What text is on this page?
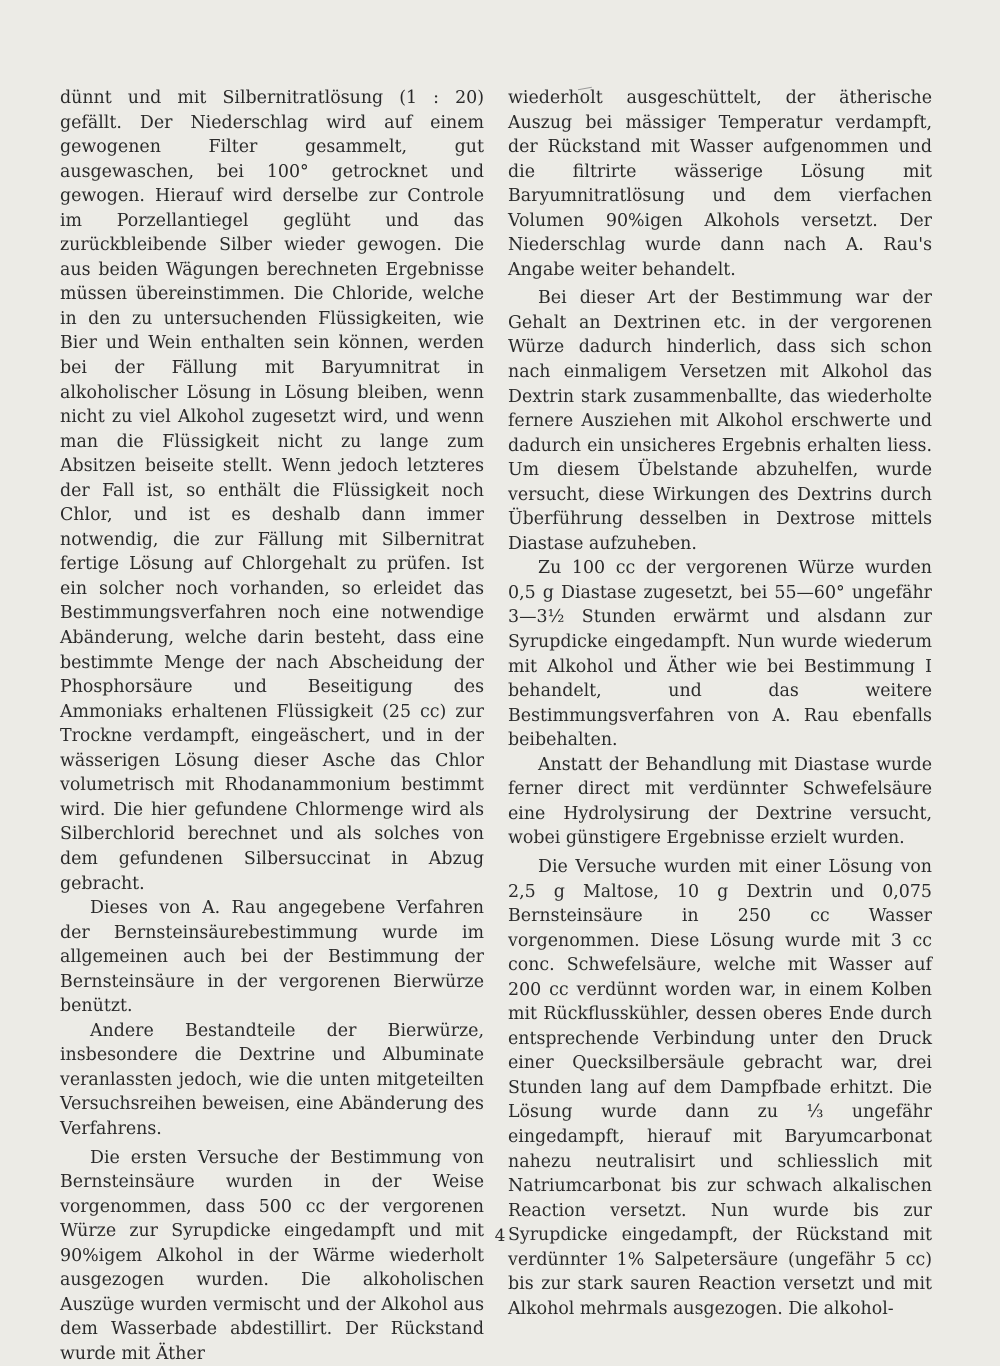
dünnt und mit Silbernitratlösung (1 : 20) gefällt. Der Niederschlag wird auf einem gewogenen Filter gesammelt, gut ausgewaschen, bei 100° getrocknet und gewogen. Hierauf wird derselbe zur Controle im Porzellantiegel geglüht und das zurückbleibende Silber wieder gewogen. Die aus beiden Wägungen berechneten Ergebnisse müssen übereinstimmen. Die Chloride, welche in den zu untersuchenden Flüssigkeiten, wie Bier und Wein enthalten sein können, werden bei der Fällung mit Baryumnitrat in alkoholischer Lösung in Lösung bleiben, wenn nicht zu viel Alkohol zugesetzt wird, und wenn man die Flüssigkeit nicht zu lange zum Absitzen beiseite stellt. Wenn jedoch letzteres der Fall ist, so enthält die Flüssigkeit noch Chlor, und ist es deshalb dann immer notwendig, die zur Fällung mit Silbernitrat fertige Lösung auf Chlorgehalt zu prüfen. Ist ein solcher noch vorhanden, so erleidet das Bestimmungsverfahren noch eine notwendige Abänderung, welche darin besteht, dass eine bestimmte Menge der nach Abscheidung der Phosphorsäure und Beseitigung des Ammoniaks erhaltenen Flüssigkeit (25 cc) zur Trockne verdampft, eingeäschert, und in der wässerigen Lösung dieser Asche das Chlor volumetrisch mit Rhodanammonium bestimmt wird. Die hier gefundene Chlormenge wird als Silberchlorid berechnet und als solches von dem gefundenen Silbersuccinat in Abzug gebracht.

Dieses von A. Rau angegebene Verfahren der Bernsteinsäurebestimmung wurde im allgemeinen auch bei der Bestimmung der Bernsteinsäure in der vergorenen Bierwürze benützt.

Andere Bestandteile der Bierwürze, insbesondere die Dextrine und Albuminate veranlassten jedoch, wie die unten mitgeteilten Versuchsreihen beweisen, eine Abänderung des Verfahrens.

Die ersten Versuche der Bestimmung von Bernsteinsäure wurden in der Weise vorgenommen, dass 500 cc der vergorenen Würze zur Syrupdicke eingedampft und mit 90%igem Alkohol in der Wärme wiederholt ausgezogen wurden. Die alkoholischen Auszüge wurden vermischt und der Alkohol aus dem Wasserbade abdestillirt. Der Rückstand wurde mit Äther

wiederholt ausgeschüttelt, der ätherische Auszug bei mässiger Temperatur verdampft, der Rückstand mit Wasser aufgenommen und die filtrirte wässerige Lösung mit Baryumnitratlösung und dem vierfachen Volumen 90%igen Alkohols versetzt. Der Niederschlag wurde dann nach A. Rau's Angabe weiter behandelt.

Bei dieser Art der Bestimmung war der Gehalt an Dextrinen etc. in der vergorenen Würze dadurch hinderlich, dass sich schon nach einmaligem Versetzen mit Alkohol das Dextrin stark zusammenballte, das wiederholte fernere Ausziehen mit Alkohol erschwerte und dadurch ein unsicheres Ergebnis erhalten liess. Um diesem Übelstande abzuhelfen, wurde versucht, diese Wirkungen des Dextrins durch Überführung desselben in Dextrose mittels Diastase aufzuheben.

Zu 100 cc der vergorenen Würze wurden 0,5 g Diastase zugesetzt, bei 55—60° ungefähr 3—3½ Stunden erwärmt und alsdann zur Syrupdicke eingedampft. Nun wurde wiederum mit Alkohol und Äther wie bei Bestimmung I behandelt, und das weitere Bestimmungsverfahren von A. Rau ebenfalls beibehalten.

Anstatt der Behandlung mit Diastase wurde ferner direct mit verdünnter Schwefelsäure eine Hydrolysirung der Dextrine versucht, wobei günstigere Ergebnisse erzielt wurden.

Die Versuche wurden mit einer Lösung von 2,5 g Maltose, 10 g Dextrin und 0,075 Bernsteinsäure in 250 cc Wasser vorgenommen. Diese Lösung wurde mit 3 cc conc. Schwefelsäure, welche mit Wasser auf 200 cc verdünnt worden war, in einem Kolben mit Rückflusskühler, dessen oberes Ende durch entsprechende Verbindung unter den Druck einer Quecksilbersäule gebracht war, drei Stunden lang auf dem Dampfbade erhitzt. Die Lösung wurde dann zu ⅓ ungefähr eingedampft, hierauf mit Baryumcarbonat nahezu neutralisirt und schliesslich mit Natriumcarbonat bis zur schwach alkalischen Reaction versetzt. Nun wurde bis zur Syrupdicke eingedampft, der Rückstand mit verdünnter 1% Salpetersäure (ungefähr 5 cc) bis zur stark sauren Reaction versetzt und mit Alkohol mehrmals ausgezogen. Die alkohol-

4
